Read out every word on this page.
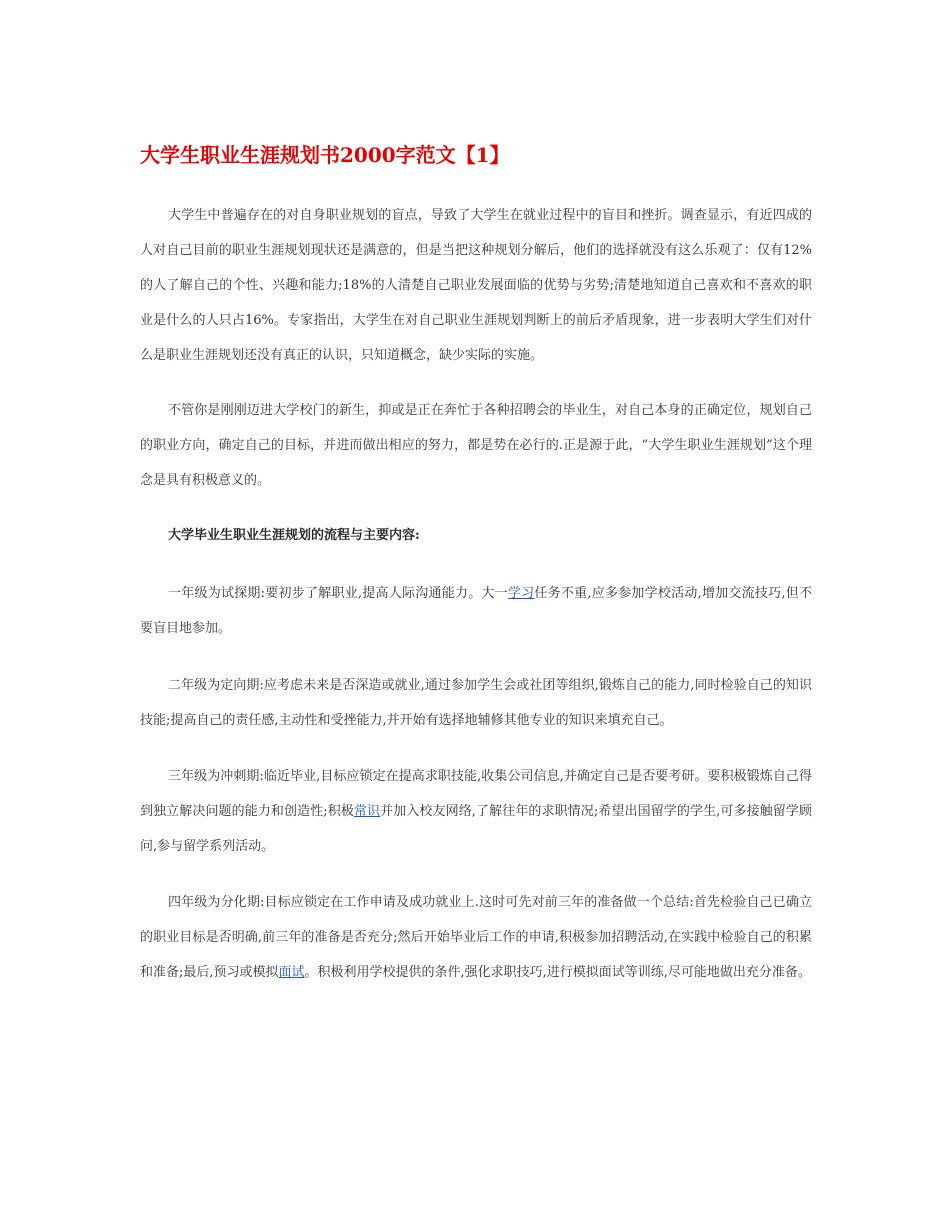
大学生职业生涯规划书2000字范文【1】

大学生中普遍存在的对自身职业规划的盲点，导致了大学生在就业过程中的盲目和挫折。调查显示，有近四成的人对自己目前的职业生涯规划现状还是满意的，但是当把这种规划分解后，他们的选择就没有这么乐观了：仅有12%的人了解自己的个性、兴趣和能力;18%的人清楚自己职业发展面临的优势与劣势;清楚地知道自己喜欢和不喜欢的职业是什么的人只占16%。专家指出，大学生在对自己职业生涯规划判断上的前后矛盾现象，进一步表明大学生们对什么是职业生涯规划还没有真正的认识，只知道概念，缺少实际的实施。

不管你是刚刚迈进大学校门的新生，抑或是正在奔忙于各种招聘会的毕业生，对自己本身的正确定位，规划自己的职业方向，确定自己的目标，并进而做出相应的努力，都是势在必行的.正是源于此，“大学生职业生涯规划”这个理念是具有积极意义的。

大学毕业生职业生涯规划的流程与主要内容:

一年级为试探期:要初步了解职业,提高人际沟通能力。大一学习任务不重,应多参加学校活动,增加交流技巧,但不要盲目地参加。

二年级为定向期:应考虑未来是否深造或就业,通过参加学生会或社团等组织,锻炼自己的能力,同时检验自己的知识技能;提高自己的责任感,主动性和受挫能力,并开始有选择地辅修其他专业的知识来填充自己。

三年级为冲刺期:临近毕业,目标应锁定在提高求职技能,收集公司信息,并确定自己是否要考研。要积极锻炼自己得到独立解决问题的能力和创造性;积极常识并加入校友网络,了解往年的求职情况;希望出国留学的学生,可多接触留学顾问,参与留学系列活动。

四年级为分化期:目标应锁定在工作申请及成功就业上.这时可先对前三年的准备做一个总结:首先检验自己已确立的职业目标是否明确,前三年的准备是否充分;然后开始毕业后工作的申请,积极参加招聘活动,在实践中检验自己的积累和准备;最后,预习或模拟面试。积极利用学校提供的条件,强化求职技巧,进行模拟面试等训练,尽可能地做出充分准备。
